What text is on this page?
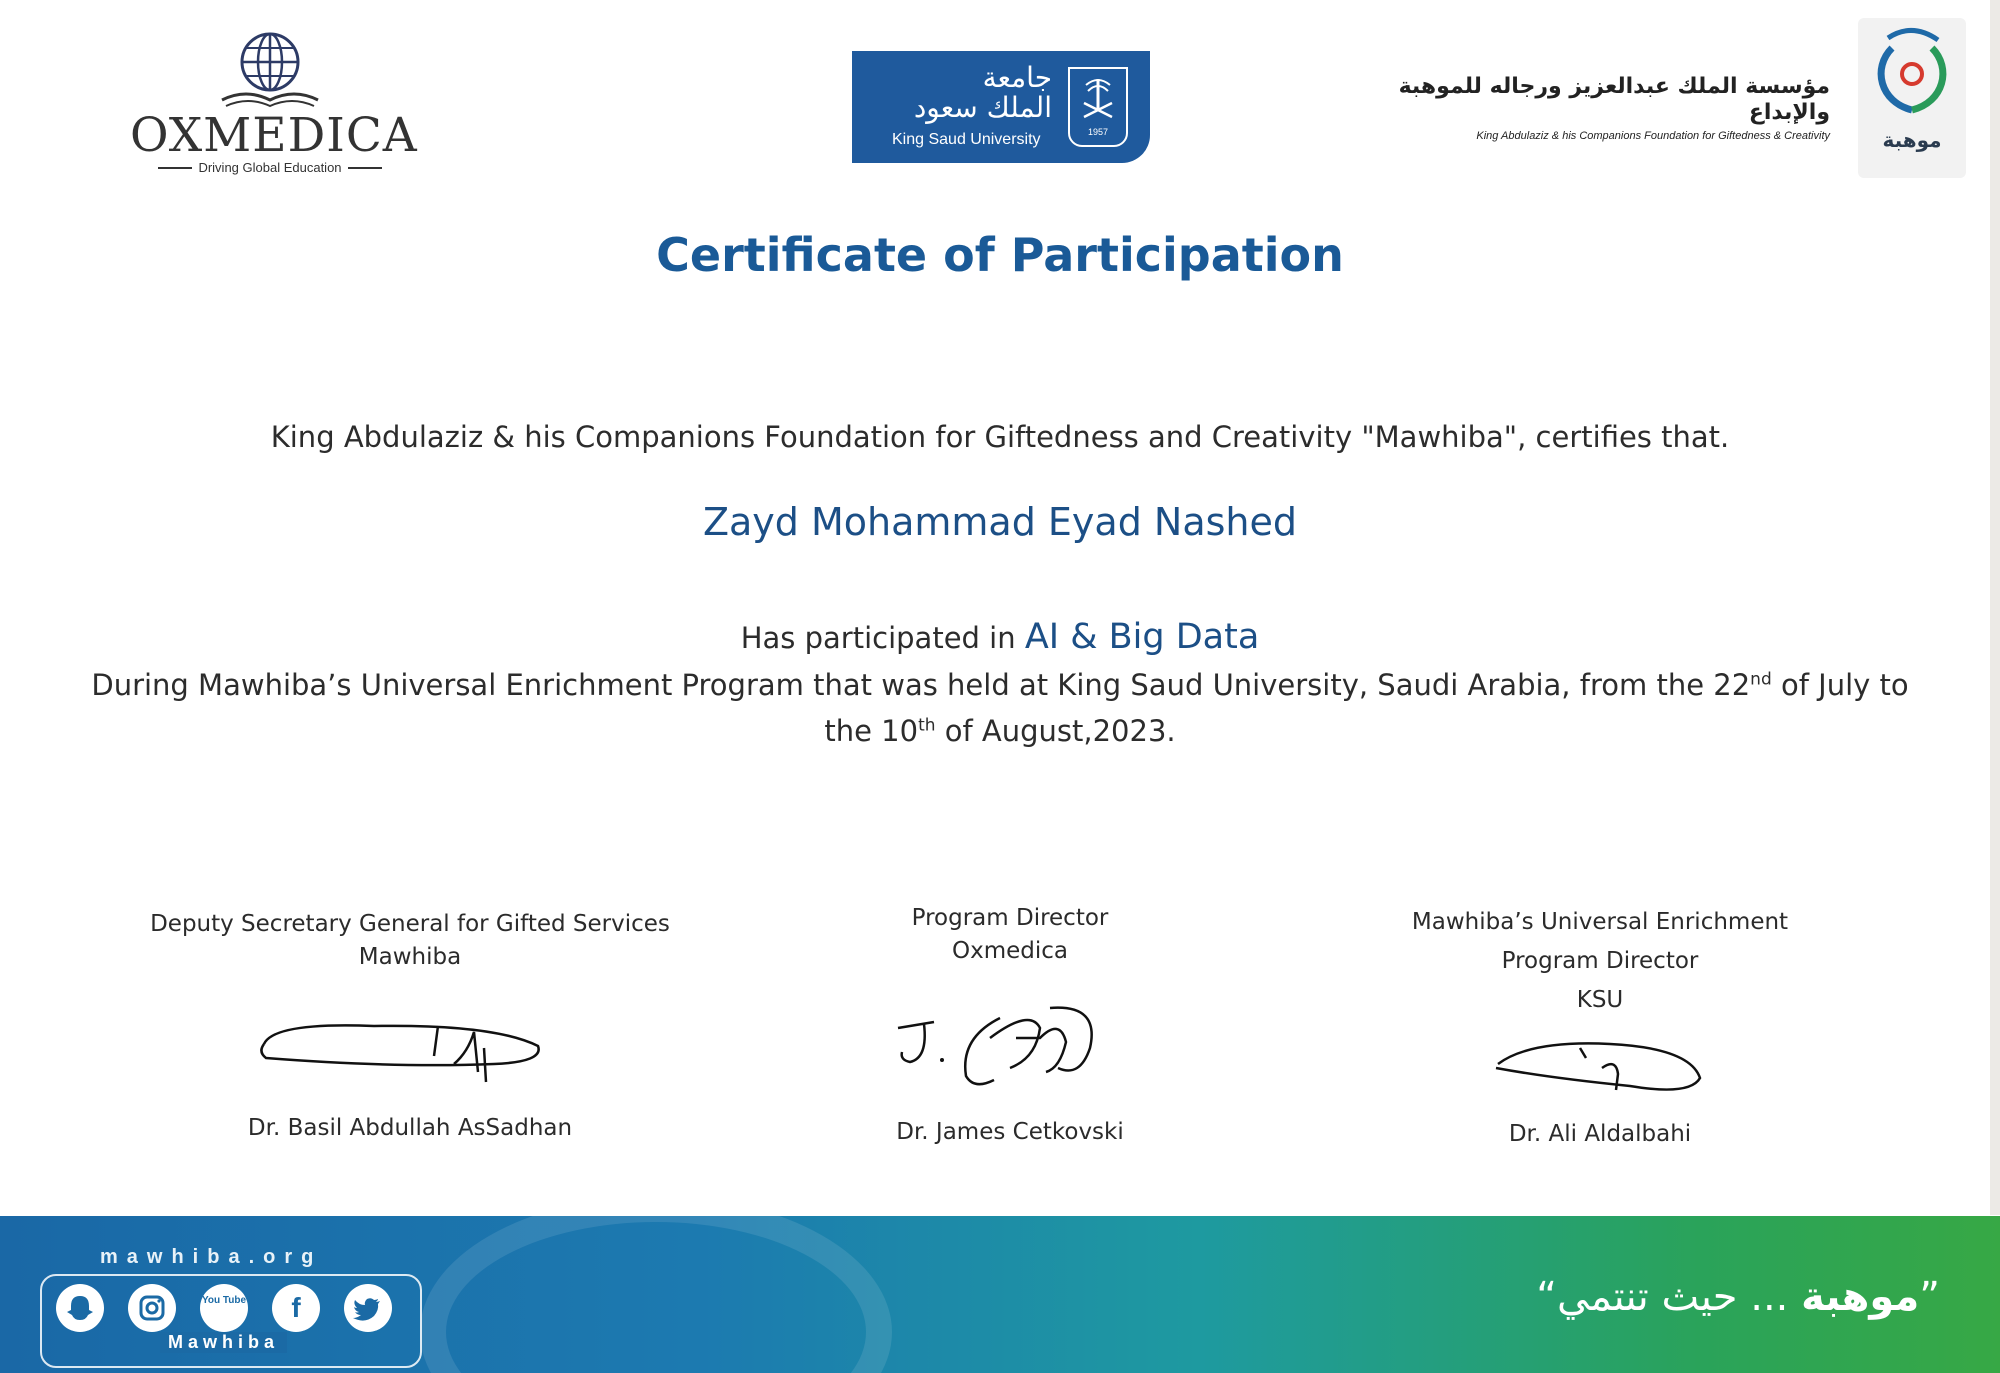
OXMEDICA
Driving Global Education
جامعة
الملك سعود
King Saud University	1957
مؤسسة الملك عبدالعزيز ورجاله للموهبة والإبداع
King Abdulaziz & his Companions Foundation for Giftedness & Creativity	موهبة
Certificate of Participation
King Abdulaziz & his Companions Foundation for Giftedness and Creativity "Mawhiba", certifies that.
Zayd Mohammad Eyad Nashed
Has participated in AI & Big Data
During Mawhiba’s Universal Enrichment Program that was held at King Saud University, Saudi Arabia, from the 22nd of July to the 10th of August,2023.
Deputy Secretary General for Gifted Services
Mawhiba
Dr. Basil Abdullah AsSadhan
Program Director
Oxmedica
Dr. James Cetkovski
Mawhiba’s Universal Enrichment
Program Director
KSU
Dr. Ali Aldalbahi
mawhiba.org
You Tube	f
Mawhiba
”موهبة ... حيث تنتمي“
